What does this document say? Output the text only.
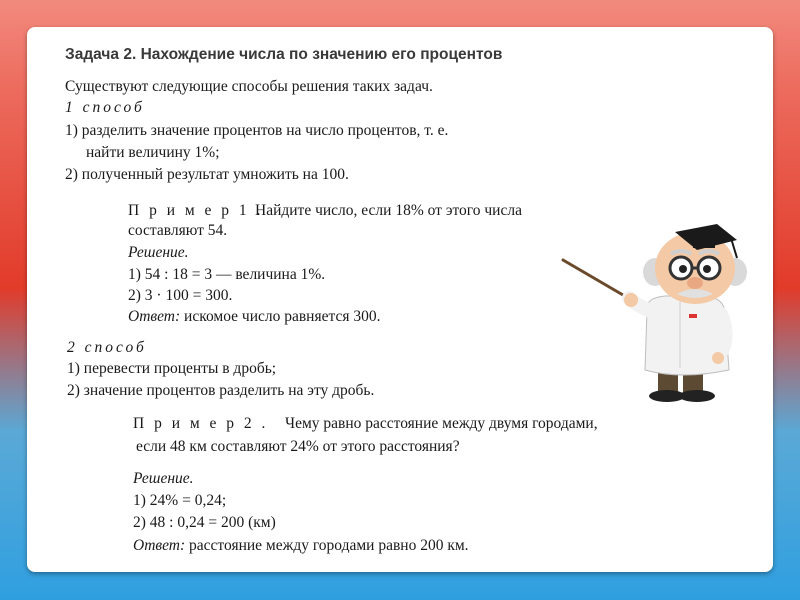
Задача 2. Нахождение числа по значению его процентов
Существуют следующие способы решения таких задач.
1 способ
1) разделить значение процентов на число процентов, т. е.
найти величину 1%;
2) полученный результат умножить на 100.
П р и м е р 1 .
Найдите число, если 18% от этого числа
составляют 54.
Решение.
1) 54 : 18 = 3 — величина 1%.
2) 3 · 100 = 300.
Ответ: искомое число равняется 300.
2 способ
1) перевести проценты в дробь;
2) значение процентов разделить на эту дробь.
П р и м е р 2 . Чему равно расстояние между двумя городами,
если 48 км составляют 24% от этого расстояния?
Решение.
1) 24% = 0,24;
2) 48 : 0,24 = 200 (км)
Ответ: расстояние между городами равно 200 км.
